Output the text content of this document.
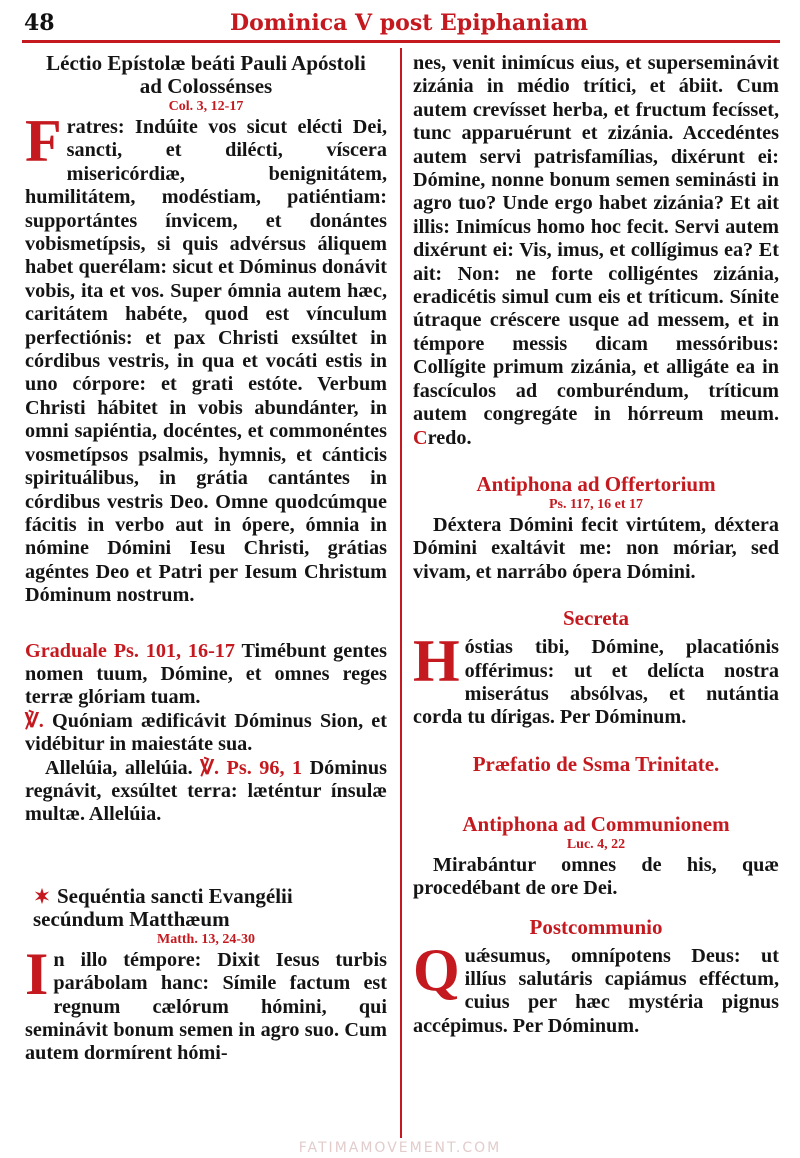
48	Dominica V post Epiphaniam
Léctio Epístolæ beáti Pauli Apóstoli ad Colossénses
Col. 3, 12-17
Fratres: Indúite vos sicut elécti Dei, sancti, et dilécti, víscera misericórdiæ, benignitátem, humilitátem, modéstiam, patiéntiam: supportántes ínvicem, et donántes vobismetípsis, si quis advérsus áliquem habet querélam: sicut et Dóminus donávit vobis, ita et vos. Super ómnia autem hæc, caritátem habéte, quod est vínculum perfectiónis: et pax Christi exsúltet in córdibus vestris, in qua et vocáti estis in uno córpore: et grati estóte. Verbum Christi hábitet in vobis abundánter, in omni sapiéntia, docéntes, et commonéntes vosmetípsos psalmis, hymnis, et cánticis spirituálibus, in grátia cantántes in córdibus vestris Deo. Omne quodcúmque fácitis in verbo aut in ópere, ómnia in nómine Dómini Iesu Christi, grátias agéntes Deo et Patri per Iesum Christum Dóminum nostrum.
Graduale Ps. 101, 16-17 Timébunt gentes nomen tuum, Dómine, et omnes reges terræ glóriam tuam.
℣. Quóniam ædificávit Dóminus Sion, et vidébitur in maiestáte sua.
Allelúia, allelúia. ℣. Ps. 96, 1 Dóminus regnávit, exsúltet terra: læténtur ínsulæ multæ. Allelúia.
Sequéntia sancti Evangélii secúndum Matthæum
Matth. 13, 24-30
In illo témpore: Dixit Iesus turbis parábolam hanc: Símile factum est regnum cælórum hómini, qui seminávit bonum semen in agro suo. Cum autem dormírent hómi-
nes, venit inimícus eius, et superseminávit zizánia in médio trítici, et ábiit. Cum autem crevísset herba, et fructum fecísset, tunc apparuérunt et zizánia. Accedéntes autem servi patrisfamílias, dixérunt ei: Dómine, nonne bonum semen seminásti in agro tuo? Unde ergo habet zizánia? Et ait illis: Inimícus homo hoc fecit. Servi autem dixérunt ei: Vis, imus, et collígimus ea? Et ait: Non: ne forte colligéntes zizánia, eradicétis simul cum eis et tríticum. Sínite útraque créscere usque ad messem, et in témpore messis dicam messóribus: Collígite primum zizánia, et alligáte ea in fascículos ad comburéndum, tríticum autem congregáte in hórreum meum. Credo.
Antiphona ad Offertorium
Ps. 117, 16 et 17
Déxtera Dómini fecit virtútem, déxtera Dómini exaltávit me: non móriar, sed vivam, et narrábo ópera Dómini.
Secreta
Hóstias tibi, Dómine, placatiónis offérimus: ut et delícta nostra miserátus absólvas, et nutántia corda tu dírigas. Per Dóminum.
Præfatio de Ssma Trinitate.
Antiphona ad Communionem
Luc. 4, 22
Mirabántur omnes de his, quæ procedébant de ore Dei.
Postcommunio
Quǽsumus, omnípotens Deus: ut illíus salutáris capiámus efféctum, cuius per hæc mystéria pignus accépimus. Per Dóminum.
FATIMAMOVEMENT.COM
